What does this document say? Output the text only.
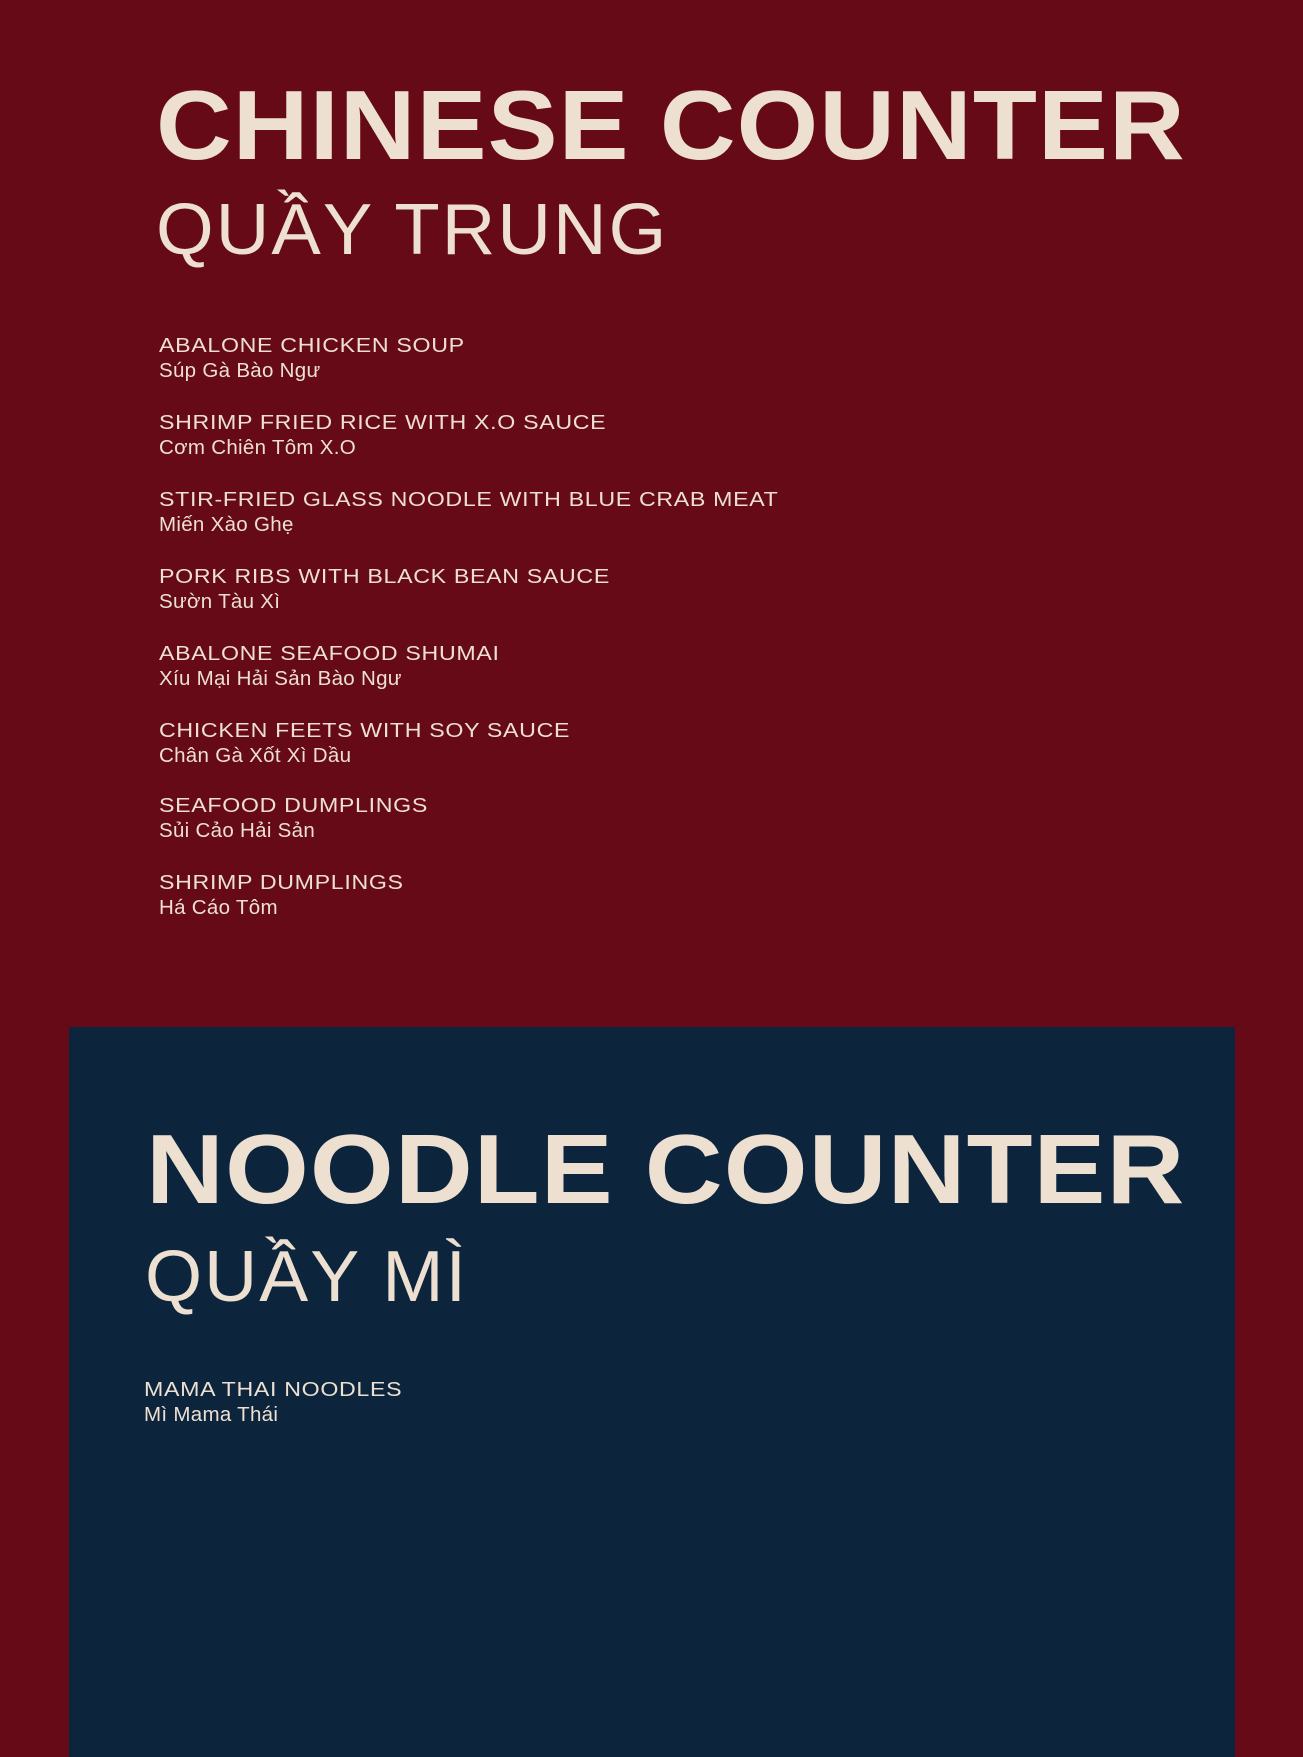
CHINESE COUNTER
QUẦY TRUNG
ABALONE CHICKEN SOUP
Súp Gà Bào Ngư
SHRIMP FRIED RICE WITH X.O SAUCE
Cơm Chiên Tôm X.O
STIR-FRIED GLASS NOODLE WITH BLUE CRAB MEAT
Miến Xào Ghẹ
PORK RIBS WITH BLACK BEAN SAUCE
Sườn Tàu Xì
ABALONE SEAFOOD SHUMAI
Xíu Mại Hải Sản Bào Ngư
CHICKEN FEETS WITH SOY SAUCE
Chân Gà Xốt Xì Dầu
SEAFOOD DUMPLINGS
Sủi Cảo Hải Sản
SHRIMP DUMPLINGS
Há Cáo Tôm
NOODLE COUNTER
QUẦY MÌ
MAMA THAI NOODLES
Mì Mama Thái
